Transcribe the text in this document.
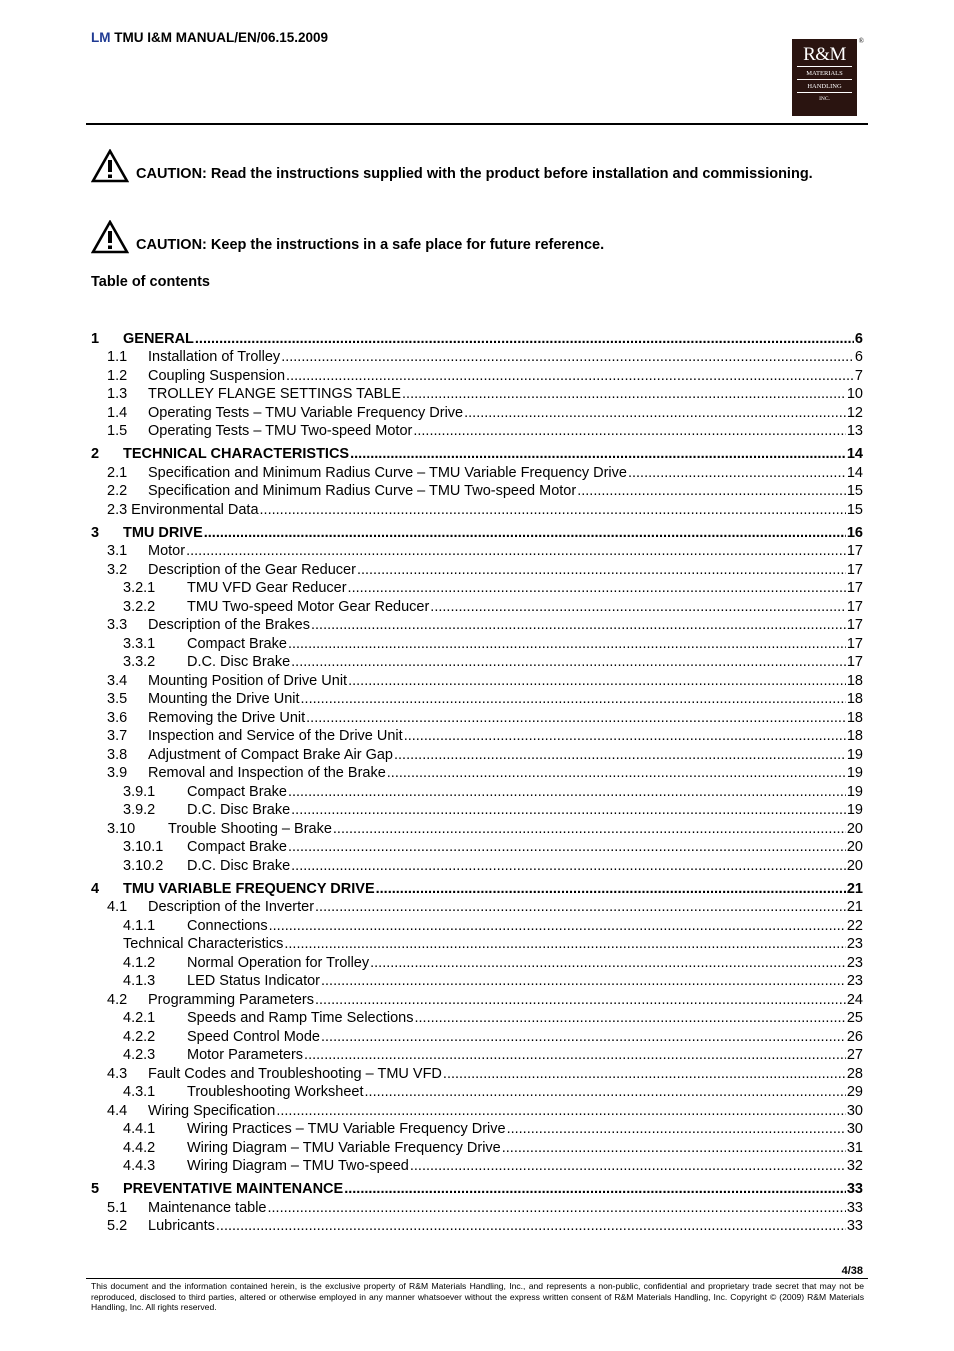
LM TMU I&M MANUAL/EN/06.15.2009	®
R&M
MATERIALS
HANDLING
INC.
CAUTION: Read the instructions supplied with the product before installation and commissioning.
CAUTION: Keep the instructions in a safe place for future reference.
Table of contents
1	GENERAL .....	6
1.1	Installation of Trolley .....	6
1.2	Coupling Suspension .....	7
1.3	TROLLEY FLANGE SETTINGS TABLE .....	10
1.4	Operating Tests – TMU Variable Frequency Drive .....	12
1.5	Operating Tests – TMU Two-speed Motor .....	13
2	TECHNICAL CHARACTERISTICS .....	14
2.1	Specification and Minimum Radius Curve – TMU Variable Frequency Drive .....	14
2.2	Specification and Minimum Radius Curve – TMU Two-speed Motor .....	15
2.3 Environmental Data .....	15
3	TMU DRIVE .....	16
3.1	Motor .....	17
3.2	Description of the Gear Reducer .....	17
3.2.1	TMU VFD Gear Reducer .....	17
3.2.2	TMU Two-speed Motor Gear Reducer .....	17
3.3	Description of the Brakes .....	17
3.3.1	Compact Brake .....	17
3.3.2	D.C. Disc Brake .....	17
3.4	Mounting Position of Drive Unit .....	18
3.5	Mounting the Drive Unit .....	18
3.6	Removing the Drive Unit .....	18
3.7	Inspection and Service of the Drive Unit .....	18
3.8	Adjustment of Compact Brake Air Gap .....	19
3.9	Removal and Inspection of the Brake .....	19
3.9.1	Compact Brake .....	19
3.9.2	D.C. Disc Brake .....	19
3.10	Trouble Shooting – Brake .....	20
3.10.1	Compact Brake .....	20
3.10.2	D.C. Disc Brake .....	20
4	TMU VARIABLE FREQUENCY DRIVE .....	21
4.1	Description of the Inverter .....	21
4.1.1	Connections .....	22
Technical Characteristics .....	23
4.1.2	Normal Operation for Trolley .....	23
4.1.3	LED Status Indicator .....	23
4.2	Programming Parameters .....	24
4.2.1	Speeds and Ramp Time Selections .....	25
4.2.2	Speed Control Mode .....	26
4.2.3	Motor Parameters .....	27
4.3	Fault Codes and Troubleshooting – TMU VFD .....	28
4.3.1	Troubleshooting Worksheet .....	29
4.4	Wiring Specification .....	30
4.4.1	Wiring Practices – TMU Variable Frequency Drive .....	30
4.4.2	Wiring Diagram – TMU Variable Frequency Drive .....	31
4.4.3	Wiring Diagram – TMU Two-speed .....	32
5	PREVENTATIVE MAINTENANCE .....	33
5.1	Maintenance table .....	33
5.2	Lubricants .....	33
4/38
This document and the information contained herein, is the exclusive property of R&M Materials Handling, Inc., and represents a non-public, confidential and proprietary trade secret that may not be reproduced, disclosed to third parties, altered or otherwise employed in any manner whatsoever without the express written consent of R&M Materials Handling, Inc. Copyright © (2009) R&M Materials Handling, Inc. All rights reserved.
